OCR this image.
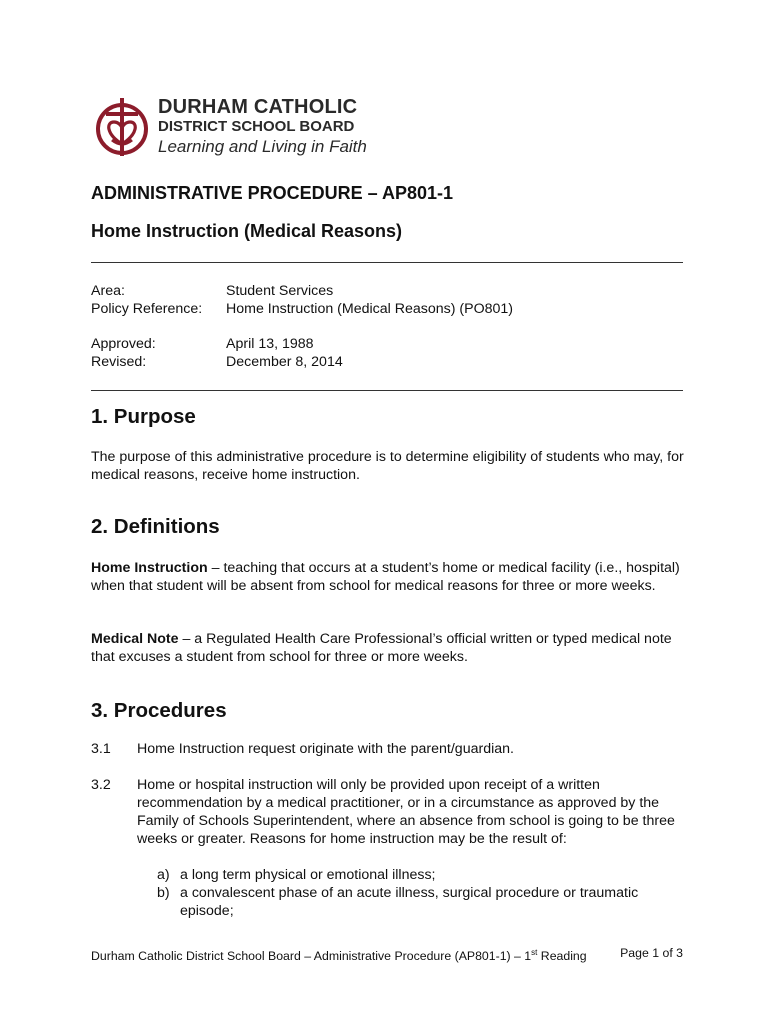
DURHAM CATHOLIC
DISTRICT SCHOOL BOARD
Learning and Living in Faith
ADMINISTRATIVE PROCEDURE – AP801-1
Home Instruction (Medical Reasons)
Area:	Student Services
Policy Reference: Home Instruction (Medical Reasons) (PO801)
Approved:	April 13, 1988
Revised:	December 8, 2014
1. Purpose

The purpose of this administrative procedure is to determine eligibility of students who may, for medical reasons, receive home instruction.

2. Definitions

Home Instruction – teaching that occurs at a student’s home or medical facility (i.e., hospital) when that student will be absent from school for medical reasons for three or more weeks.

Medical Note – a Regulated Health Care Professional’s official written or typed medical note that excuses a student from school for three or more weeks.

3. Procedures
3.1 Home Instruction request originate with the parent/guardian.

3.2 Home or hospital instruction will only be provided upon receipt of a written recommendation by a medical practitioner, or in a circumstance as approved by the Family of Schools Superintendent, where an absence from school is going to be three weeks or greater. Reasons for home instruction may be the result of:

a) a long term physical or emotional illness;

b) a convalescent phase of an acute illness, surgical procedure or traumatic episode;

Durham Catholic District School Board – Administrative Procedure (AP801-1) – 1st Reading	Page 1 of 3
